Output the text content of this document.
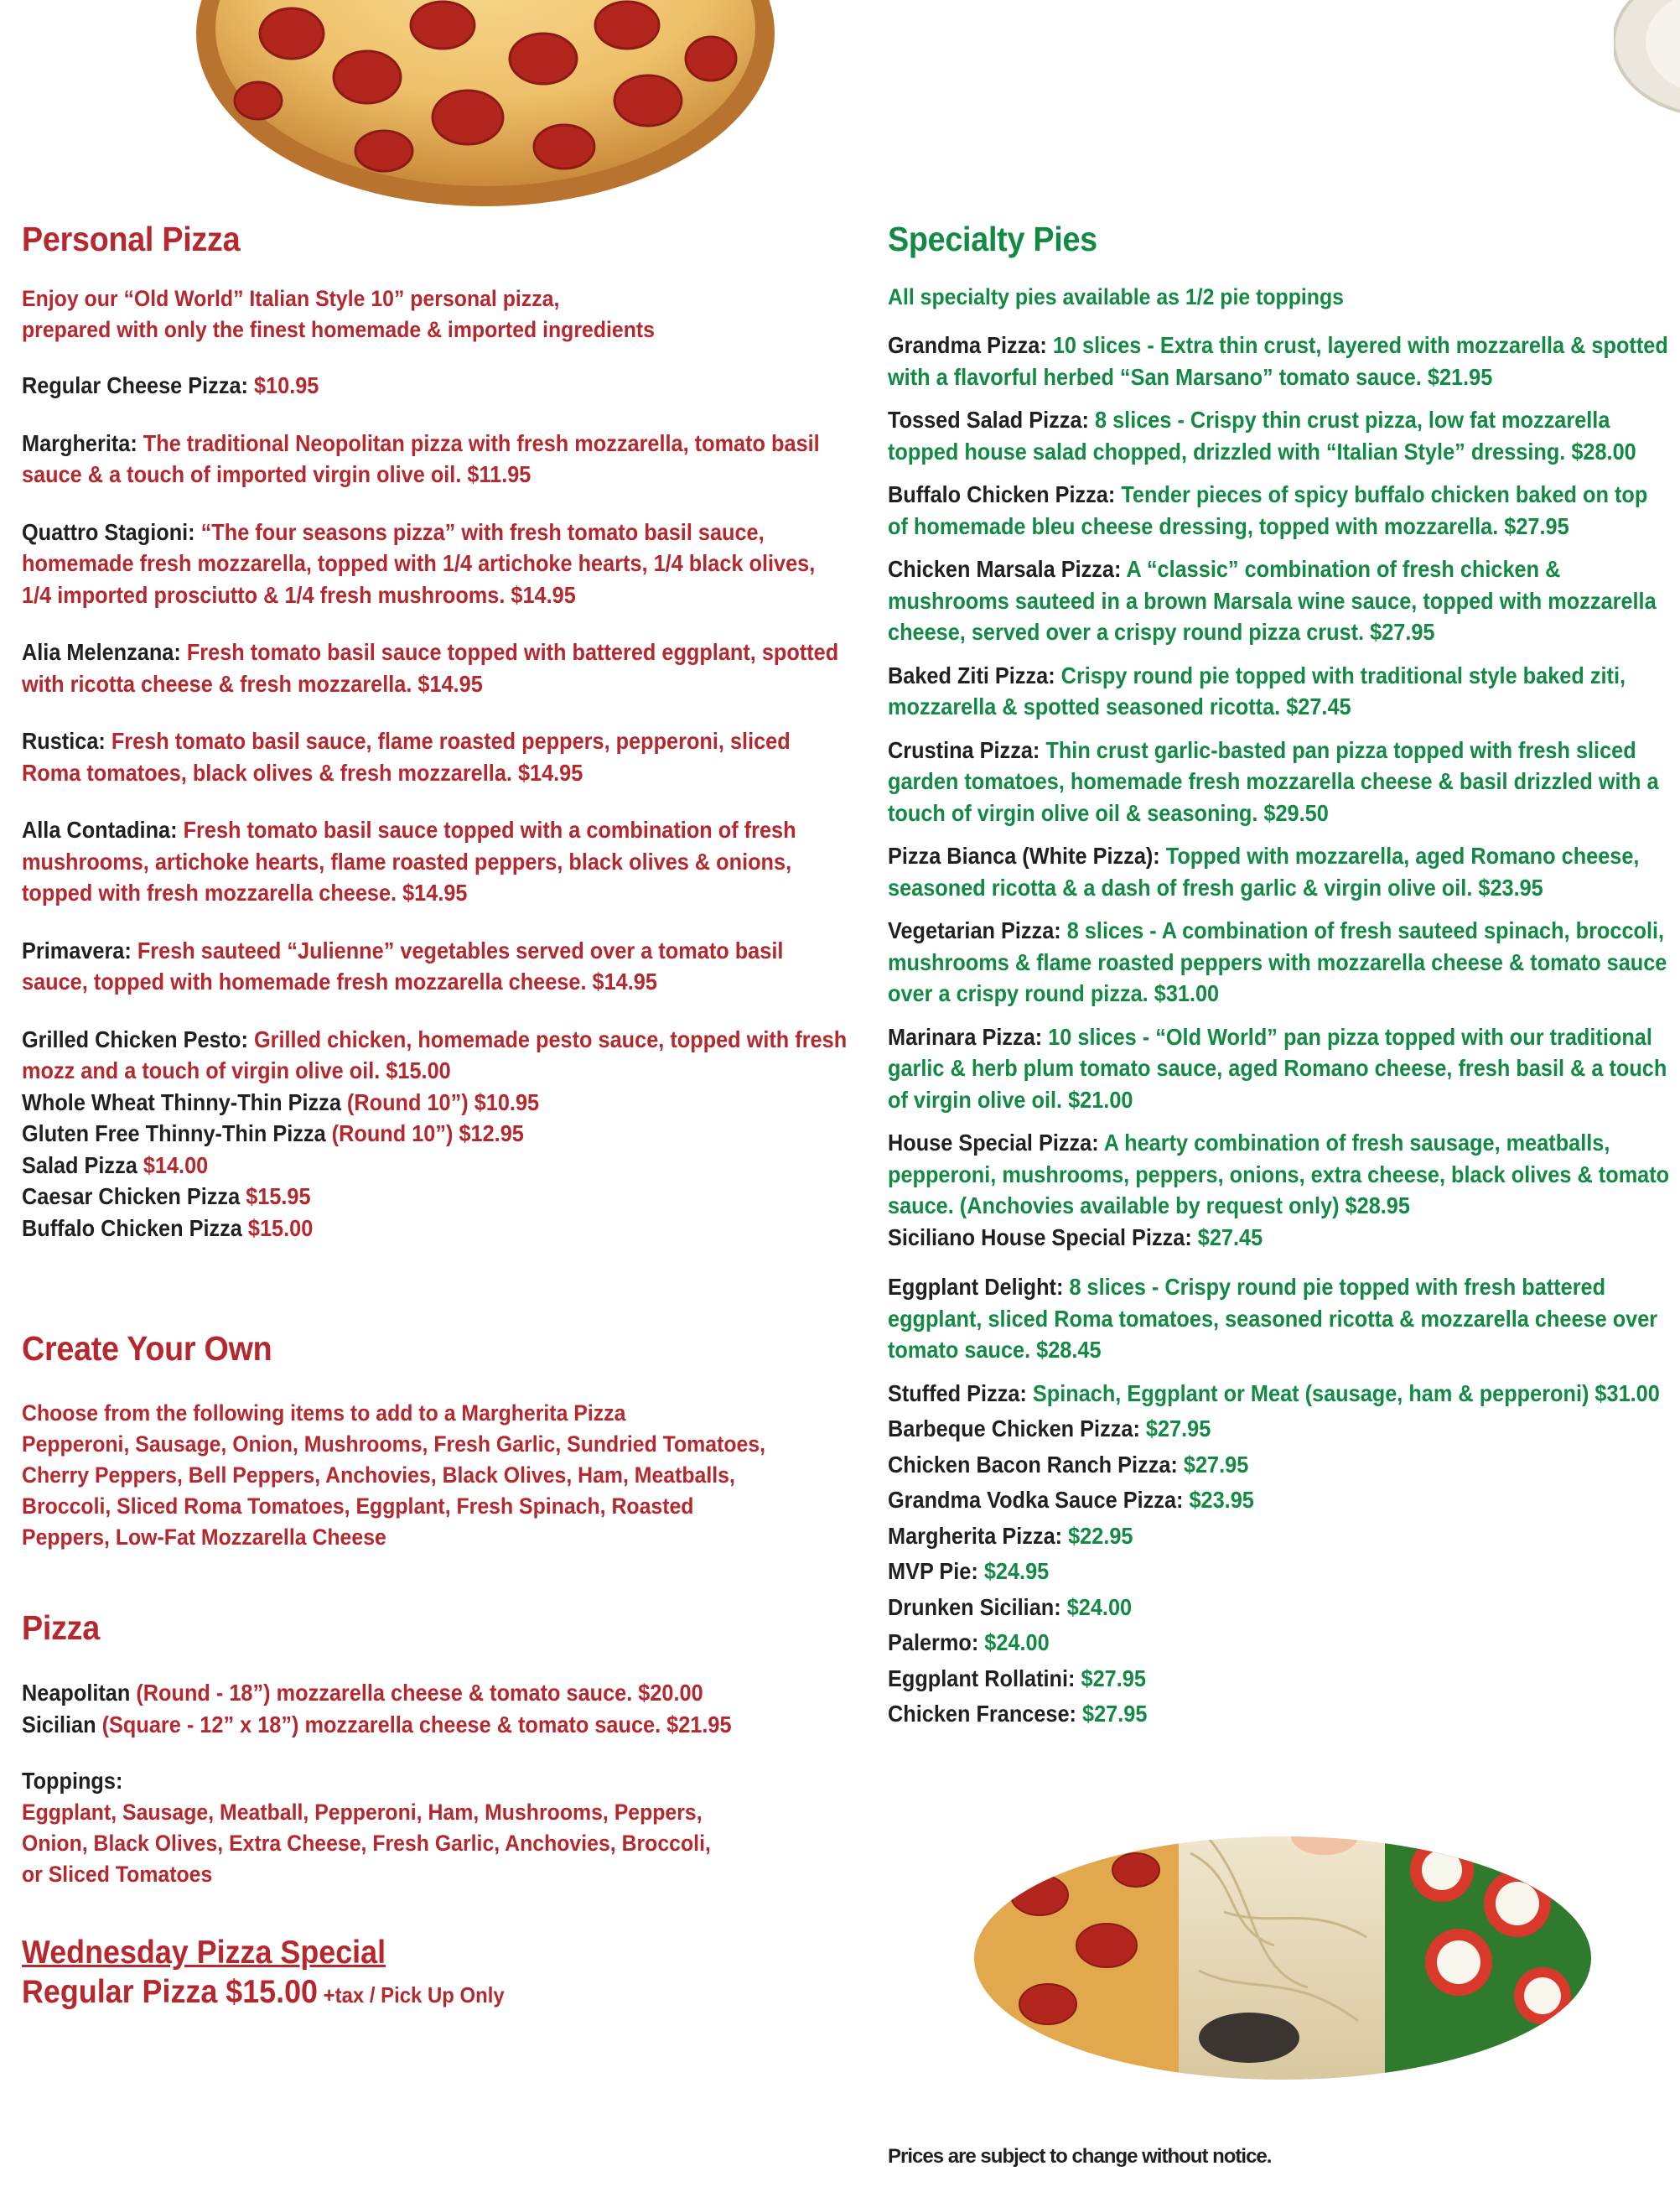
Personal Pizza
Enjoy our “Old World” Italian Style 10” personal pizza,
prepared with only the finest homemade & imported ingredients
Regular Cheese Pizza: $10.95
Margherita: The traditional Neopolitan pizza with fresh mozzarella, tomato basil sauce & a touch of imported virgin olive oil. $11.95
Quattro Stagioni: “The four seasons pizza” with fresh tomato basil sauce, homemade fresh mozzarella, topped with 1/4 artichoke hearts, 1/4 black olives, 1/4 imported prosciutto & 1/4 fresh mushrooms. $14.95
Alia Melenzana: Fresh tomato basil sauce topped with battered eggplant, spotted with ricotta cheese & fresh mozzarella. $14.95
Rustica: Fresh tomato basil sauce, flame roasted peppers, pepperoni, sliced Roma tomatoes, black olives & fresh mozzarella. $14.95
Alla Contadina: Fresh tomato basil sauce topped with a combination of fresh mushrooms, artichoke hearts, flame roasted peppers, black olives & onions, topped with fresh mozzarella cheese. $14.95
Primavera: Fresh sauteed “Julienne” vegetables served over a tomato basil sauce, topped with homemade fresh mozzarella cheese. $14.95
Grilled Chicken Pesto: Grilled chicken, homemade pesto sauce, topped with fresh mozz and a touch of virgin olive oil. $15.00
Whole Wheat Thinny-Thin Pizza (Round 10”) $10.95
Gluten Free Thinny-Thin Pizza (Round 10”) $12.95
Salad Pizza $14.00
Caesar Chicken Pizza $15.95
Buffalo Chicken Pizza $15.00
Create Your Own
Choose from the following items to add to a Margherita Pizza
Pepperoni, Sausage, Onion, Mushrooms, Fresh Garlic, Sundried Tomatoes,
Cherry Peppers, Bell Peppers, Anchovies, Black Olives, Ham, Meatballs,
Broccoli, Sliced Roma Tomatoes, Eggplant, Fresh Spinach, Roasted
Peppers, Low-Fat Mozzarella Cheese
Pizza
Neapolitan (Round - 18”) mozzarella cheese & tomato sauce. $20.00
Sicilian (Square - 12” x 18”) mozzarella cheese & tomato sauce. $21.95
Toppings:
Eggplant, Sausage, Meatball, Pepperoni, Ham, Mushrooms, Peppers,
Onion, Black Olives, Extra Cheese, Fresh Garlic, Anchovies, Broccoli,
or Sliced Tomatoes
Wednesday Pizza Special
Regular Pizza $15.00 +tax / Pick Up Only
Specialty Pies
All specialty pies available as 1/2 pie toppings
Grandma Pizza: 10 slices - Extra thin crust, layered with mozzarella & spotted with a flavorful herbed “San Marsano” tomato sauce. $21.95
Tossed Salad Pizza: 8 slices - Crispy thin crust pizza, low fat mozzarella topped house salad chopped, drizzled with “Italian Style” dressing. $28.00
Buffalo Chicken Pizza: Tender pieces of spicy buffalo chicken baked on top of homemade bleu cheese dressing, topped with mozzarella. $27.95
Chicken Marsala Pizza: A “classic” combination of fresh chicken & mushrooms sauteed in a brown Marsala wine sauce, topped with mozzarella cheese, served over a crispy round pizza crust. $27.95
Baked Ziti Pizza: Crispy round pie topped with traditional style baked ziti, mozzarella & spotted seasoned ricotta. $27.45
Crustina Pizza: Thin crust garlic-basted pan pizza topped with fresh sliced garden tomatoes, homemade fresh mozzarella cheese & basil drizzled with a touch of virgin olive oil & seasoning. $29.50
Pizza Bianca (White Pizza): Topped with mozzarella, aged Romano cheese, seasoned ricotta & a dash of fresh garlic & virgin olive oil. $23.95
Vegetarian Pizza: 8 slices - A combination of fresh sauteed spinach, broccoli, mushrooms & flame roasted peppers with mozzarella cheese & tomato sauce over a crispy round pizza. $31.00
Marinara Pizza: 10 slices - “Old World” pan pizza topped with our traditional garlic & herb plum tomato sauce, aged Romano cheese, fresh basil & a touch of virgin olive oil. $21.00
House Special Pizza: A hearty combination of fresh sausage, meatballs, pepperoni, mushrooms, peppers, onions, extra cheese, black olives & tomato sauce. (Anchovies available by request only) $28.95
Siciliano House Special Pizza: $27.45
Eggplant Delight: 8 slices - Crispy round pie topped with fresh battered eggplant, sliced Roma tomatoes, seasoned ricotta & mozzarella cheese over tomato sauce. $28.45
Stuffed Pizza: Spinach, Eggplant or Meat (sausage, ham & pepperoni) $31.00
Barbeque Chicken Pizza: $27.95
Chicken Bacon Ranch Pizza: $27.95
Grandma Vodka Sauce Pizza: $23.95
Margherita Pizza: $22.95
MVP Pie: $24.95
Drunken Sicilian: $24.00
Palermo: $24.00
Eggplant Rollatini: $27.95
Chicken Francese: $27.95
Prices are subject to change without notice.
